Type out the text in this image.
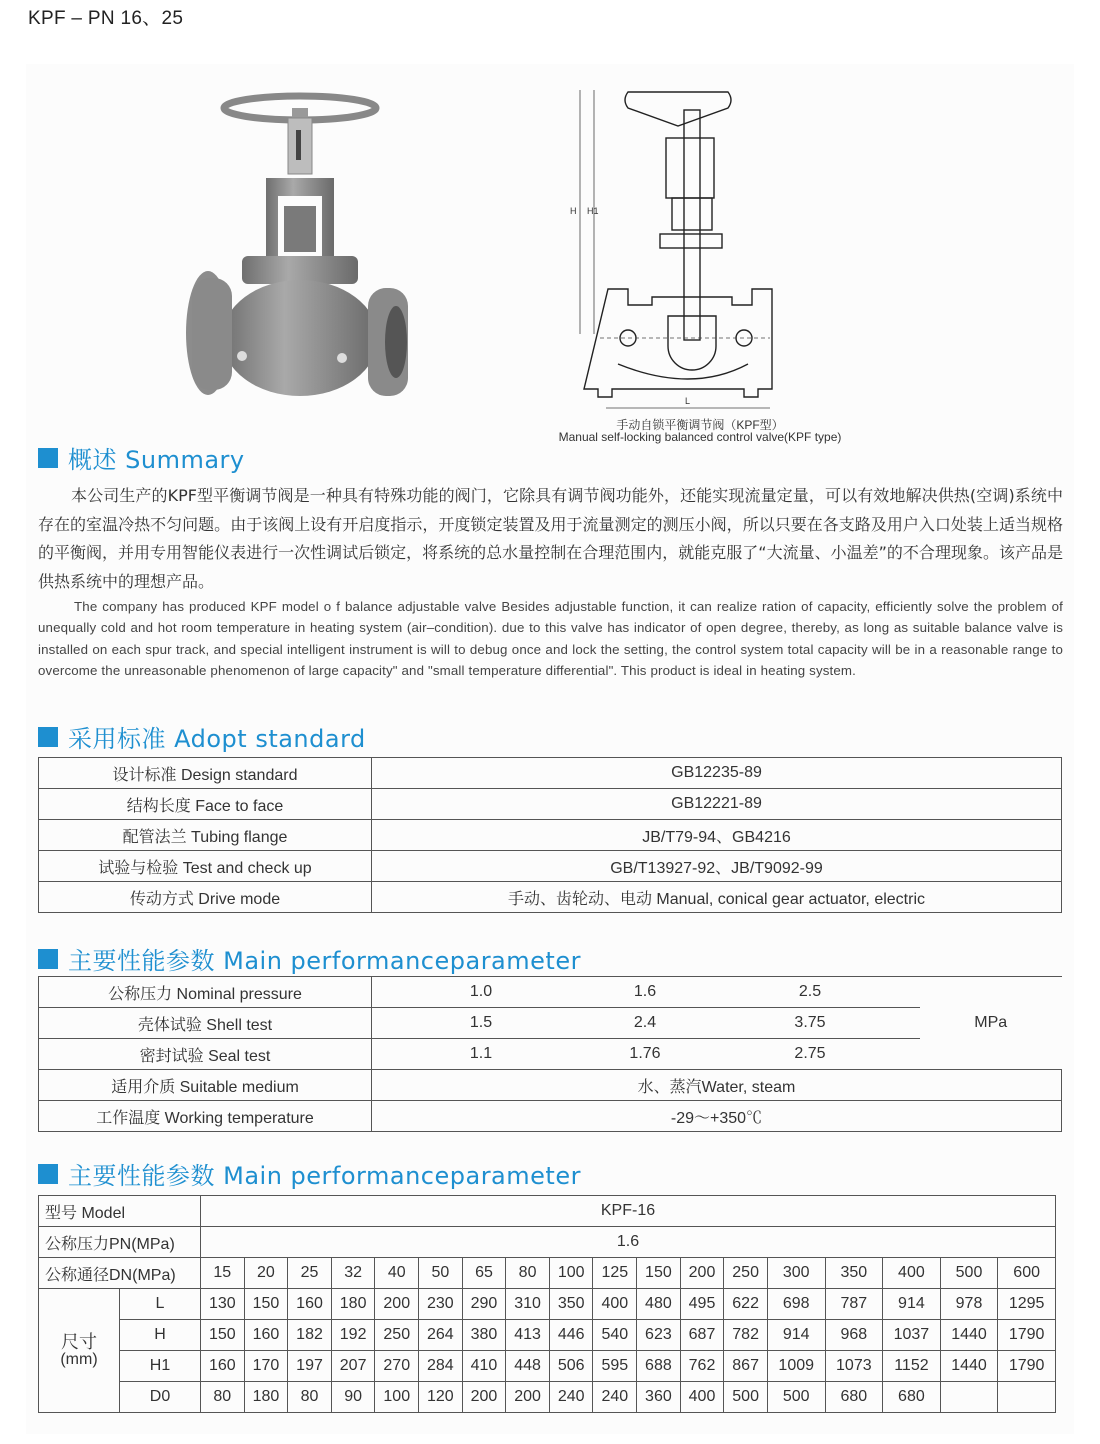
KPF – PN 16、25
H H1
L
手动自锁平衡调节阀（KPF型）
Manual self-locking balanced control valve(KPF type)
概述 Summary

本公司生产的KPF型平衡调节阀是一种具有特殊功能的阀门，它除具有调节阀功能外，还能实现流量定量，可以有效地解决供热(空调)系统中存在的室温冷热不匀问题。由于该阀上设有开启度指示，开度锁定装置及用于流量测定的测压小阀，所以只要在各支路及用户入口处装上适当规格的平衡阀，并用专用智能仪表进行一次性调试后锁定，将系统的总水量控制在合理范围内，就能克服了“大流量、小温差”的不合理现象。该产品是供热系统中的理想产品。

The company has produced KPF model o f balance adjustable valve Besides adjustable function, it can realize ration of capacity, efficiently solve the problem of unequally cold and hot room temperature in heating system (air–condition). due to this valve has indicator of open degree, thereby, as long as suitable balance valve is installed on each spur track, and special intelligent instrument is will to debug once and lock the setting, the control system total capacity will be in a reasonable range to overcome the unreasonable phenomenon of large capacity" and "small temperature differential". This product is ideal in heating system.

采用标准 Adopt standard
设计标准 Design standard	GB12235-89
结构长度 Face to face	GB12221-89
配管法兰 Tubing flange	JB/T79-94、GB4216
试验与检验 Test and check up	GB/T13927-92、JB/T9092-99
传动方式 Drive mode	手动、齿轮动、电动 Manual, conical gear actuator, electric
主要性能参数 Main performanceparameter
公称压力 Nominal pressure	1.0	1.6	2.5	MPa
壳体试验 Shell test	1.5	2.4	3.75	
密封试验 Seal test	1.1	1.76	2.75	
适用介质 Suitable medium	水、蒸汽Water, steam			
工作温度 Working temperature	-29～+350℃			
主要性能参数 Main performanceparameter
型号 Model		KPF-16																	
公称压力PN(MPa)		1.6																	
公称通径DN(MPa)		15	20	25	32	40	50	65	80	100	125	150	200	250	300	350	400	500	600

尺寸
(mm)	L	130	150	160	180	200	230	290	310	350	400	480	495	622	698	787	914	978	1295
	H	150	160	182	192	250	264	380	413	446	540	623	687	782	914	968	1037	1440	1790
	H1	160	170	197	207	270	284	410	448	506	595	688	762	867	1009	1073	1152	1440	1790
	D0	80	180	80	90	100	120	200	200	240	240	360	400	500	500	680	680		
